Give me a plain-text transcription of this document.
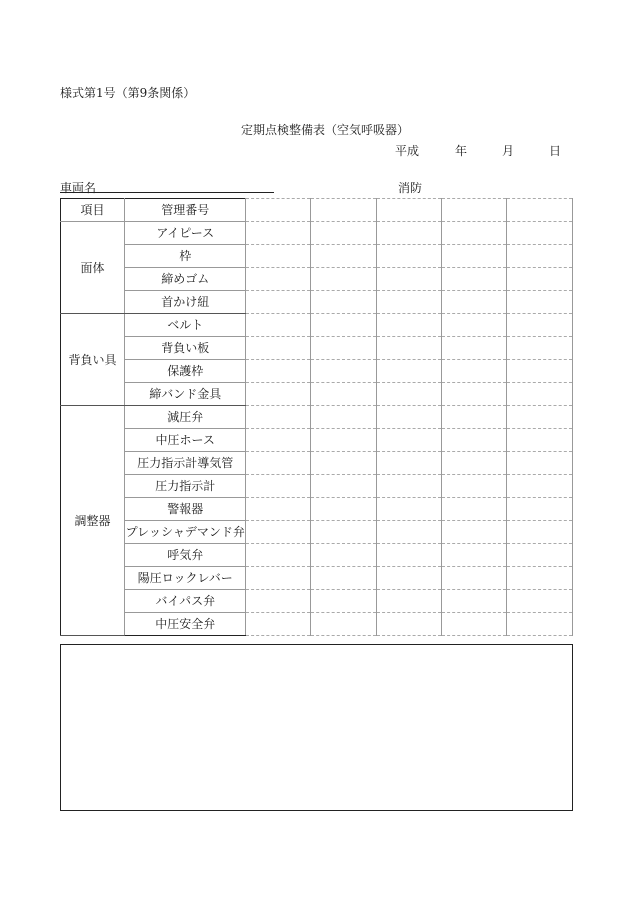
様式第1号（第9条関係）
定期点検整備表（空気呼吸器）
平成	年	月	日
車両名	消防
項目	管理番号					
面体	アイピース					
	枠					
	締めゴム					
	首かけ紐					
背負い具	ベルト					
	背負い板					
	保護枠					
	締バンド金具					
調整器	減圧弁					
	中圧ホース					
	圧力指示計導気管					
	圧力指示計					
	警報器					
	プレッシャデマンド弁					
	呼気弁					
	陽圧ロックレバー					
	バイパス弁					
	中圧安全弁					
